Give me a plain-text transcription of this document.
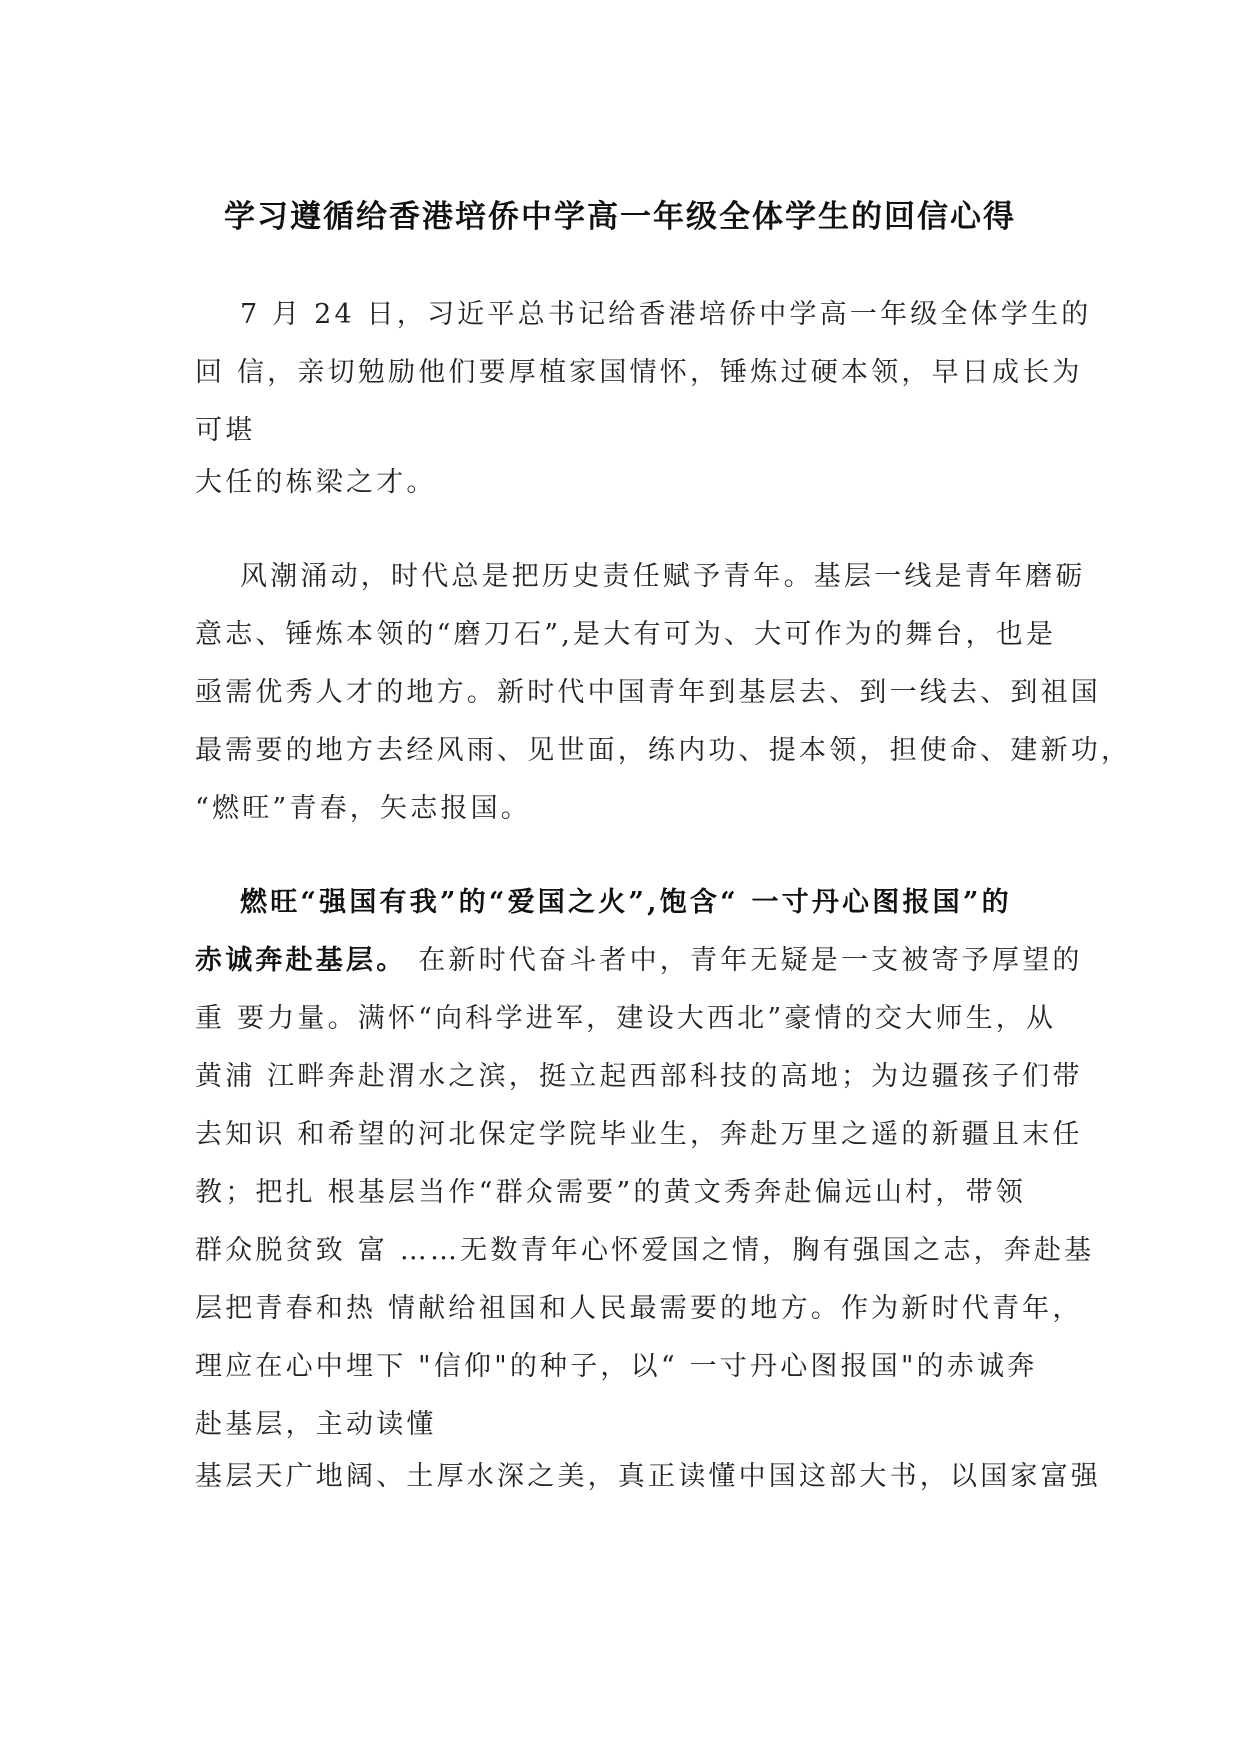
学习遵循给香港培侨中学高一年级全体学生的回信心得
7 月 24 日，习近平总书记给香港培侨中学高一年级全体学生的
回 信，亲切勉励他们要厚植家国情怀，锤炼过硬本领，早日成长为
可堪
大任的栋梁之才。
风潮涌动，时代总是把历史责任赋予青年。基层一线是青年磨砺
意志、锤炼本领的“磨刀石”,是大有可为、大可作为的舞台，也是
亟需优秀人才的地方。新时代中国青年到基层去、到一线去、到祖国
最需要的地方去经风雨、见世面，练内功、提本领，担使命、建新功，
“燃旺”青春，矢志报国。
燃旺“强国有我”的“爱国之火”,饱含“ 一寸丹心图报国”的
赤诚奔赴基层。 在新时代奋斗者中，青年无疑是一支被寄予厚望的
重 要力量。满怀“向科学进军，建设大西北”豪情的交大师生，从
黄浦 江畔奔赴渭水之滨，挺立起西部科技的高地；为边疆孩子们带
去知识 和希望的河北保定学院毕业生，奔赴万里之遥的新疆且末任
教；把扎 根基层当作“群众需要”的黄文秀奔赴偏远山村，带领
群众脱贫致 富 ……无数青年心怀爱国之情，胸有强国之志，奔赴基
层把青春和热 情献给祖国和人民最需要的地方。作为新时代青年，
理应在心中埋下 "信仰"的种子，以“ 一寸丹心图报国"的赤诚奔
赴基层，主动读懂
基层天广地阔、土厚水深之美，真正读懂中国这部大书，以国家富强
